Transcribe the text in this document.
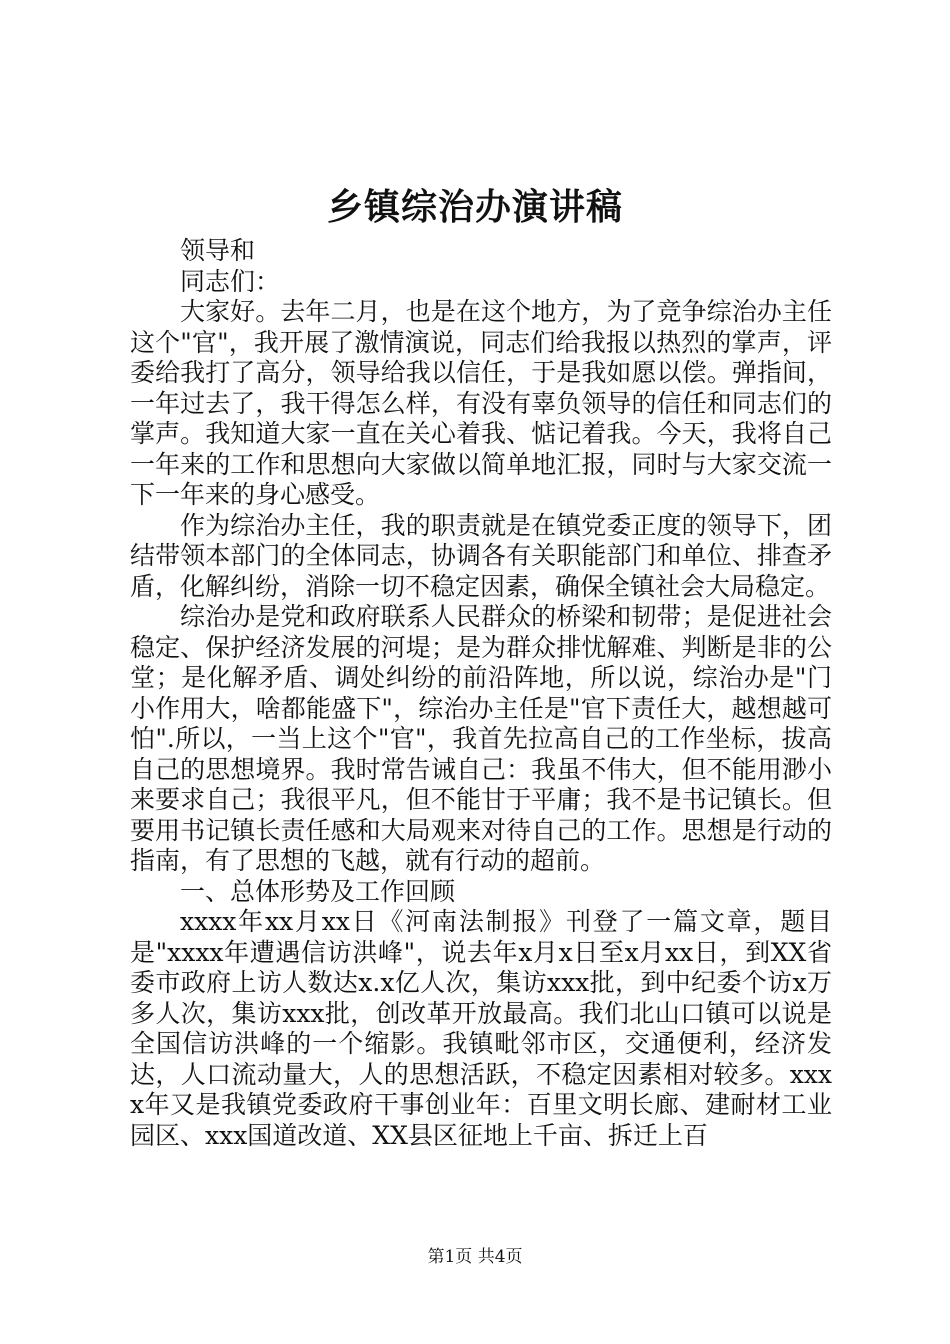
乡镇综治办演讲稿

领导和

同志们：

大家好。去年二月，也是在这个地方，为了竞争综治办主任这个"官"，我开展了激情演说，同志们给我报以热烈的掌声，评委给我打了高分，领导给我以信任，于是我如愿以偿。弹指间，一年过去了，我干得怎么样，有没有辜负领导的信任和同志们的掌声。我知道大家一直在关心着我、惦记着我。今天，我将自己一年来的工作和思想向大家做以简单地汇报，同时与大家交流一下一年来的身心感受。

作为综治办主任，我的职责就是在镇党委正度的领导下，团结带领本部门的全体同志，协调各有关职能部门和单位、排查矛盾，化解纠纷，消除一切不稳定因素，确保全镇社会大局稳定。

综治办是党和政府联系人民群众的桥梁和韧带；是促进社会稳定、保护经济发展的河堤；是为群众排忧解难、判断是非的公堂；是化解矛盾、调处纠纷的前沿阵地，所以说，综治办是"门小作用大，啥都能盛下"，综治办主任是"官下责任大，越想越可怕".所以，一当上这个"官"，我首先拉高自己的工作坐标，拔高自己的思想境界。我时常告诫自己：我虽不伟大，但不能用渺小来要求自己；我很平凡，但不能甘于平庸；我不是书记镇长。但要用书记镇长责任感和大局观来对待自己的工作。思想是行动的指南，有了思想的飞越，就有行动的超前。

一、总体形势及工作回顾

xxxx年xx月xx日《河南法制报》刊登了一篇文章，题目是"xxxx年遭遇信访洪峰"，说去年x月x日至x月xx日，到XX省委市政府上访人数达x.x亿人次，集访xxx批，到中纪委个访x万多人次，集访xxx批，创改革开放最高。我们北山口镇可以说是全国信访洪峰的一个缩影。我镇毗邻市区，交通便利，经济发达，人口流动量大，人的思想活跃，不稳定因素相对较多。xxxx年又是我镇党委政府干事创业年：百里文明长廊、建耐材工业园区、xxx国道改道、XX县区征地上千亩、拆迁上百

第1页 共4页
